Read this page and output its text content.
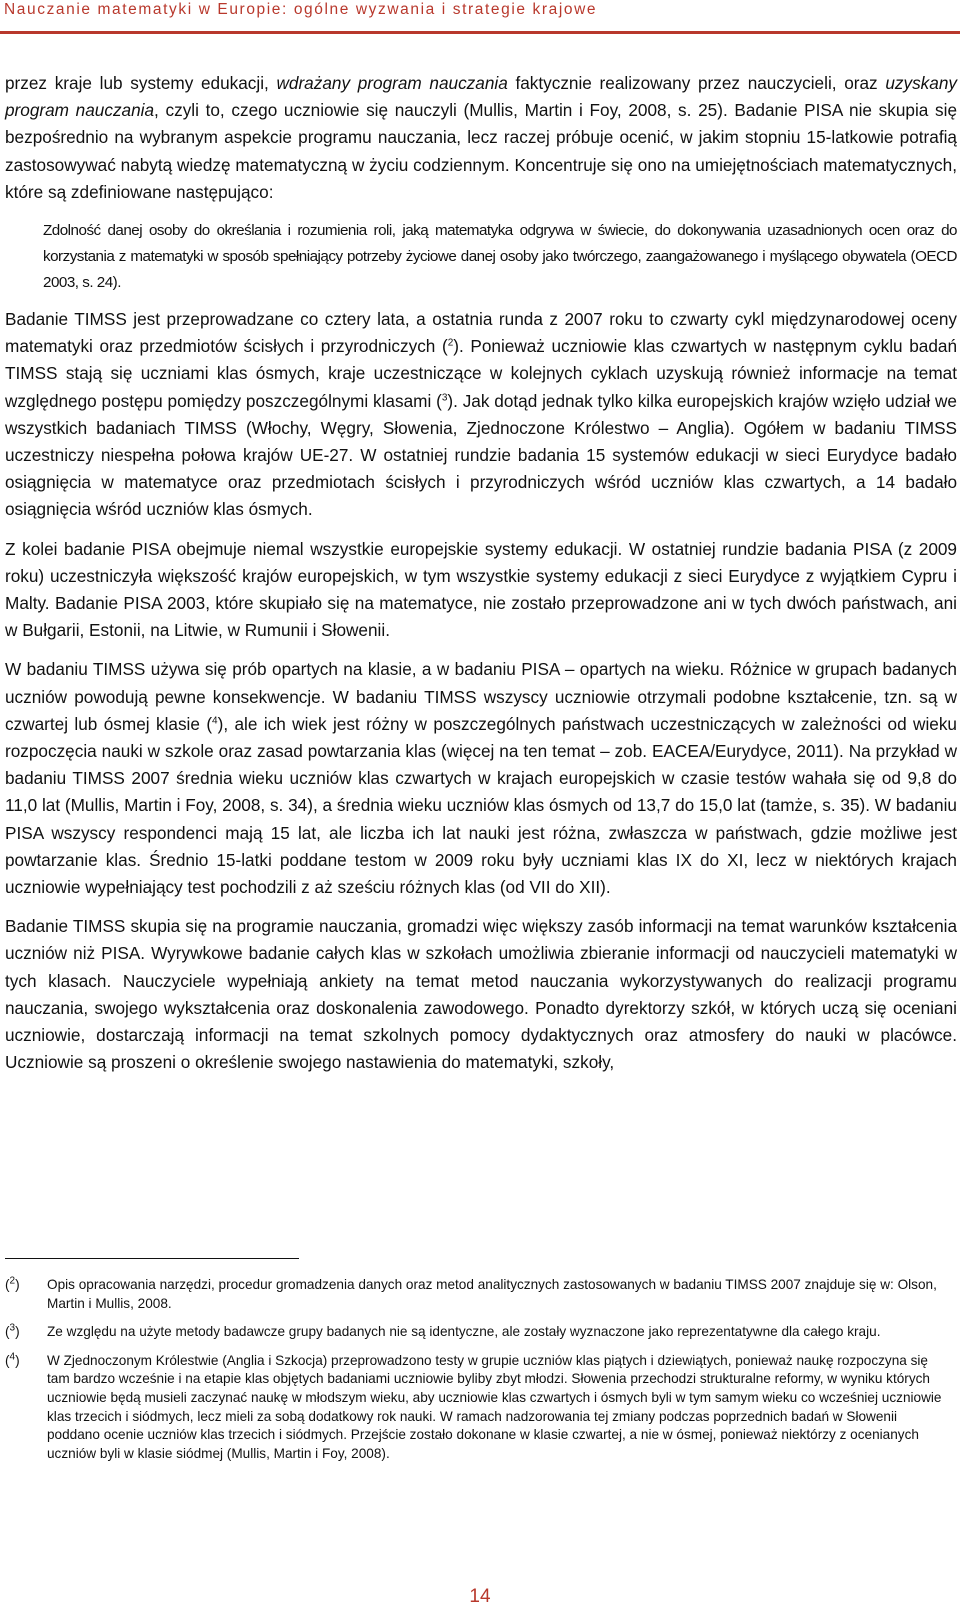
Nauczanie matematyki w Europie: ogólne wyzwania i strategie krajowe

przez kraje lub systemy edukacji, wdrażany program nauczania faktycznie realizowany przez nauczycieli, oraz uzyskany program nauczania, czyli to, czego uczniowie się nauczyli (Mullis, Martin i Foy, 2008, s. 25). Badanie PISA nie skupia się bezpośrednio na wybranym aspekcie programu nauczania, lecz raczej próbuje ocenić, w jakim stopniu 15-latkowie potrafią zastosowywać nabytą wiedzę matematyczną w życiu codziennym. Koncentruje się ono na umiejętnościach matematycznych, które są zdefiniowane następująco:

Zdolność danej osoby do określania i rozumienia roli, jaką matematyka odgrywa w świecie, do dokonywania uzasadnionych ocen oraz do korzystania z matematyki w sposób spełniający potrzeby życiowe danej osoby jako twórczego, zaangażowanego i myślącego obywatela (OECD 2003, s. 24).

Badanie TIMSS jest przeprowadzane co cztery lata, a ostatnia runda z 2007 roku to czwarty cykl międzynarodowej oceny matematyki oraz przedmiotów ścisłych i przyrodniczych ($^2$). Ponieważ uczniowie klas czwartych w następnym cyklu badań TIMSS stają się uczniami klas ósmych, kraje uczestniczące w kolejnych cyklach uzyskują również informacje na temat względnego postępu pomiędzy poszczególnymi klasami ($^3$). Jak dotąd jednak tylko kilka europejskich krajów wzięło udział we wszystkich badaniach TIMSS (Włochy, Węgry, Słowenia, Zjednoczone Królestwo – Anglia). Ogółem w badaniu TIMSS uczestniczy niespełna połowa krajów UE-27. W ostatniej rundzie badania 15 systemów edukacji w sieci Eurydyce badało osiągnięcia w matematyce oraz przedmiotach ścisłych i przyrodniczych wśród uczniów klas czwartych, a 14 badało osiągnięcia wśród uczniów klas ósmych.

Z kolei badanie PISA obejmuje niemal wszystkie europejskie systemy edukacji. W ostatniej rundzie badania PISA (z 2009 roku) uczestniczyła większość krajów europejskich, w tym wszystkie systemy edukacji z sieci Eurydyce z wyjątkiem Cypru i Malty. Badanie PISA 2003, które skupiało się na matematyce, nie zostało przeprowadzone ani w tych dwóch państwach, ani w Bułgarii, Estonii, na Litwie, w Rumunii i Słowenii.

W badaniu TIMSS używa się prób opartych na klasie, a w badaniu PISA – opartych na wieku. Różnice w grupach badanych uczniów powodują pewne konsekwencje. W badaniu TIMSS wszyscy uczniowie otrzymali podobne kształcenie, tzn. są w czwartej lub ósmej klasie ($^4$), ale ich wiek jest różny w poszczególnych państwach uczestniczących w zależności od wieku rozpoczęcia nauki w szkole oraz zasad powtarzania klas (więcej na ten temat – zob. EACEA/Eurydyce, 2011). Na przykład w badaniu TIMSS 2007 średnia wieku uczniów klas czwartych w krajach europejskich w czasie testów wahała się od 9,8 do 11,0 lat (Mullis, Martin i Foy, 2008, s. 34), a średnia wieku uczniów klas ósmych od 13,7 do 15,0 lat (tamże, s. 35). W badaniu PISA wszyscy respondenci mają 15 lat, ale liczba ich lat nauki jest różna, zwłaszcza w państwach, gdzie możliwe jest powtarzanie klas. Średnio 15-latki poddane testom w 2009 roku były uczniami klas IX do XI, lecz w niektórych krajach uczniowie wypełniający test pochodzili z aż sześciu różnych klas (od VII do XII).

Badanie TIMSS skupia się na programie nauczania, gromadzi więc większy zasób informacji na temat warunków kształcenia uczniów niż PISA. Wyrywkowe badanie całych klas w szkołach umożliwia zbieranie informacji od nauczycieli matematyki w tych klasach. Nauczyciele wypełniają ankiety na temat metod nauczania wykorzystywanych do realizacji programu nauczania, swojego wykształcenia oraz doskonalenia zawodowego. Ponadto dyrektorzy szkół, w których uczą się oceniani uczniowie, dostarczają informacji na temat szkolnych pomocy dydaktycznych oraz atmosfery do nauki w placówce. Uczniowie są proszeni o określenie swojego nastawienia do matematyki, szkoły,

($^2$)	Opis opracowania narzędzi, procedur gromadzenia danych oraz metod analitycznych zastosowanych w badaniu TIMSS 2007 znajduje się w: Olson, Martin i Mullis, 2008.
($^3$)	Ze względu na użyte metody badawcze grupy badanych nie są identyczne, ale zostały wyznaczone jako reprezentatywne dla całego kraju.
($^4$)	W Zjednoczonym Królestwie (Anglia i Szkocja) przeprowadzono testy w grupie uczniów klas piątych i dziewiątych, ponieważ naukę rozpoczyna się tam bardzo wcześnie i na etapie klas objętych badaniami uczniowie byliby zbyt młodzi. Słowenia przechodzi strukturalne reformy, w wyniku których uczniowie będą musieli zaczynać naukę w młodszym wieku, aby uczniowie klas czwartych i ósmych byli w tym samym wieku co wcześniej uczniowie klas trzecich i siódmych, lecz mieli za sobą dodatkowy rok nauki. W ramach nadzorowania tej zmiany podczas poprzednich badań w Słowenii poddano ocenie uczniów klas trzecich i siódmych. Przejście zostało dokonane w klasie czwartej, a nie w ósmej, ponieważ niektórzy z ocenianych uczniów byli w klasie siódmej (Mullis, Martin i Foy, 2008).
14
